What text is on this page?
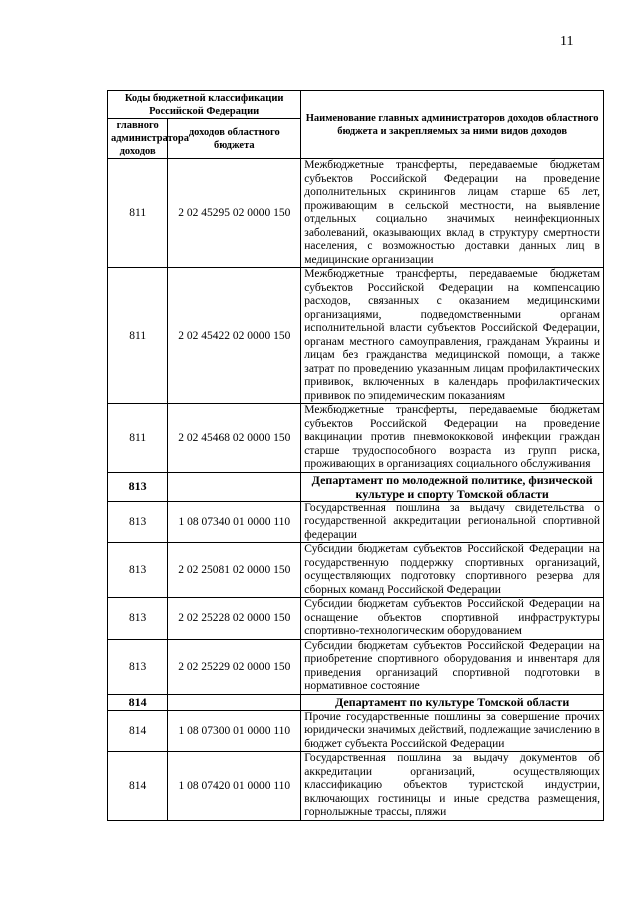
11
Коды бюджетной классификации Российской Федерации		Наименование главных администраторов доходов областного бюджета и закрепляемых за ними видов доходов
главного администратора доходов	доходов областного бюджета	
811	2 02 45295 02 0000 150	Межбюджетные трансферты, передаваемые бюджетам субъектов Российской Федерации на проведение дополнительных скринингов лицам старше 65 лет, проживающим в сельской местности, на выявление отдельных социально значимых неинфекционных заболеваний, оказывающих вклад в структуру смертности населения, с возможностью доставки данных лиц в медицинские организации
811	2 02 45422 02 0000 150	Межбюджетные трансферты, передаваемые бюджетам субъектов Российской Федерации на компенсацию расходов, связанных с оказанием медицинскими организациями, подведомственными органам исполнительной власти субъектов Российской Федерации, органам местного самоуправления, гражданам Украины и лицам без гражданства медицинской помощи, а также затрат по проведению указанным лицам профилактических прививок, включенных в календарь профилактических прививок по эпидемическим показаниям
811	2 02 45468 02 0000 150	Межбюджетные трансферты, передаваемые бюджетам субъектов Российской Федерации на проведение вакцинации против пневмококковой инфекции граждан старше трудоспособного возраста из групп риска, проживающих в организациях социального обслуживания
813		Департамент по молодежной политике, физической культуре и спорту Томской области
813	1 08 07340 01 0000 110	Государственная пошлина за выдачу свидетельства о государственной аккредитации региональной спортивной федерации
813	2 02 25081 02 0000 150	Субсидии бюджетам субъектов Российской Федерации на государственную поддержку спортивных организаций, осуществляющих подготовку спортивного резерва для сборных команд Российской Федерации
813	2 02 25228 02 0000 150	Субсидии бюджетам субъектов Российской Федерации на оснащение объектов спортивной инфраструктуры спортивно-технологическим оборудованием
813	2 02 25229 02 0000 150	Субсидии бюджетам субъектов Российской Федерации на приобретение спортивного оборудования и инвентаря для приведения организаций спортивной подготовки в нормативное состояние
814		Департамент по культуре Томской области
814	1 08 07300 01 0000 110	Прочие государственные пошлины за совершение прочих юридически значимых действий, подлежащие зачислению в бюджет субъекта Российской Федерации
814	1 08 07420 01 0000 110	Государственная пошлина за выдачу документов об аккредитации организаций, осуществляющих классификацию объектов туристской индустрии, включающих гостиницы и иные средства размещения, горнолыжные трассы, пляжи
